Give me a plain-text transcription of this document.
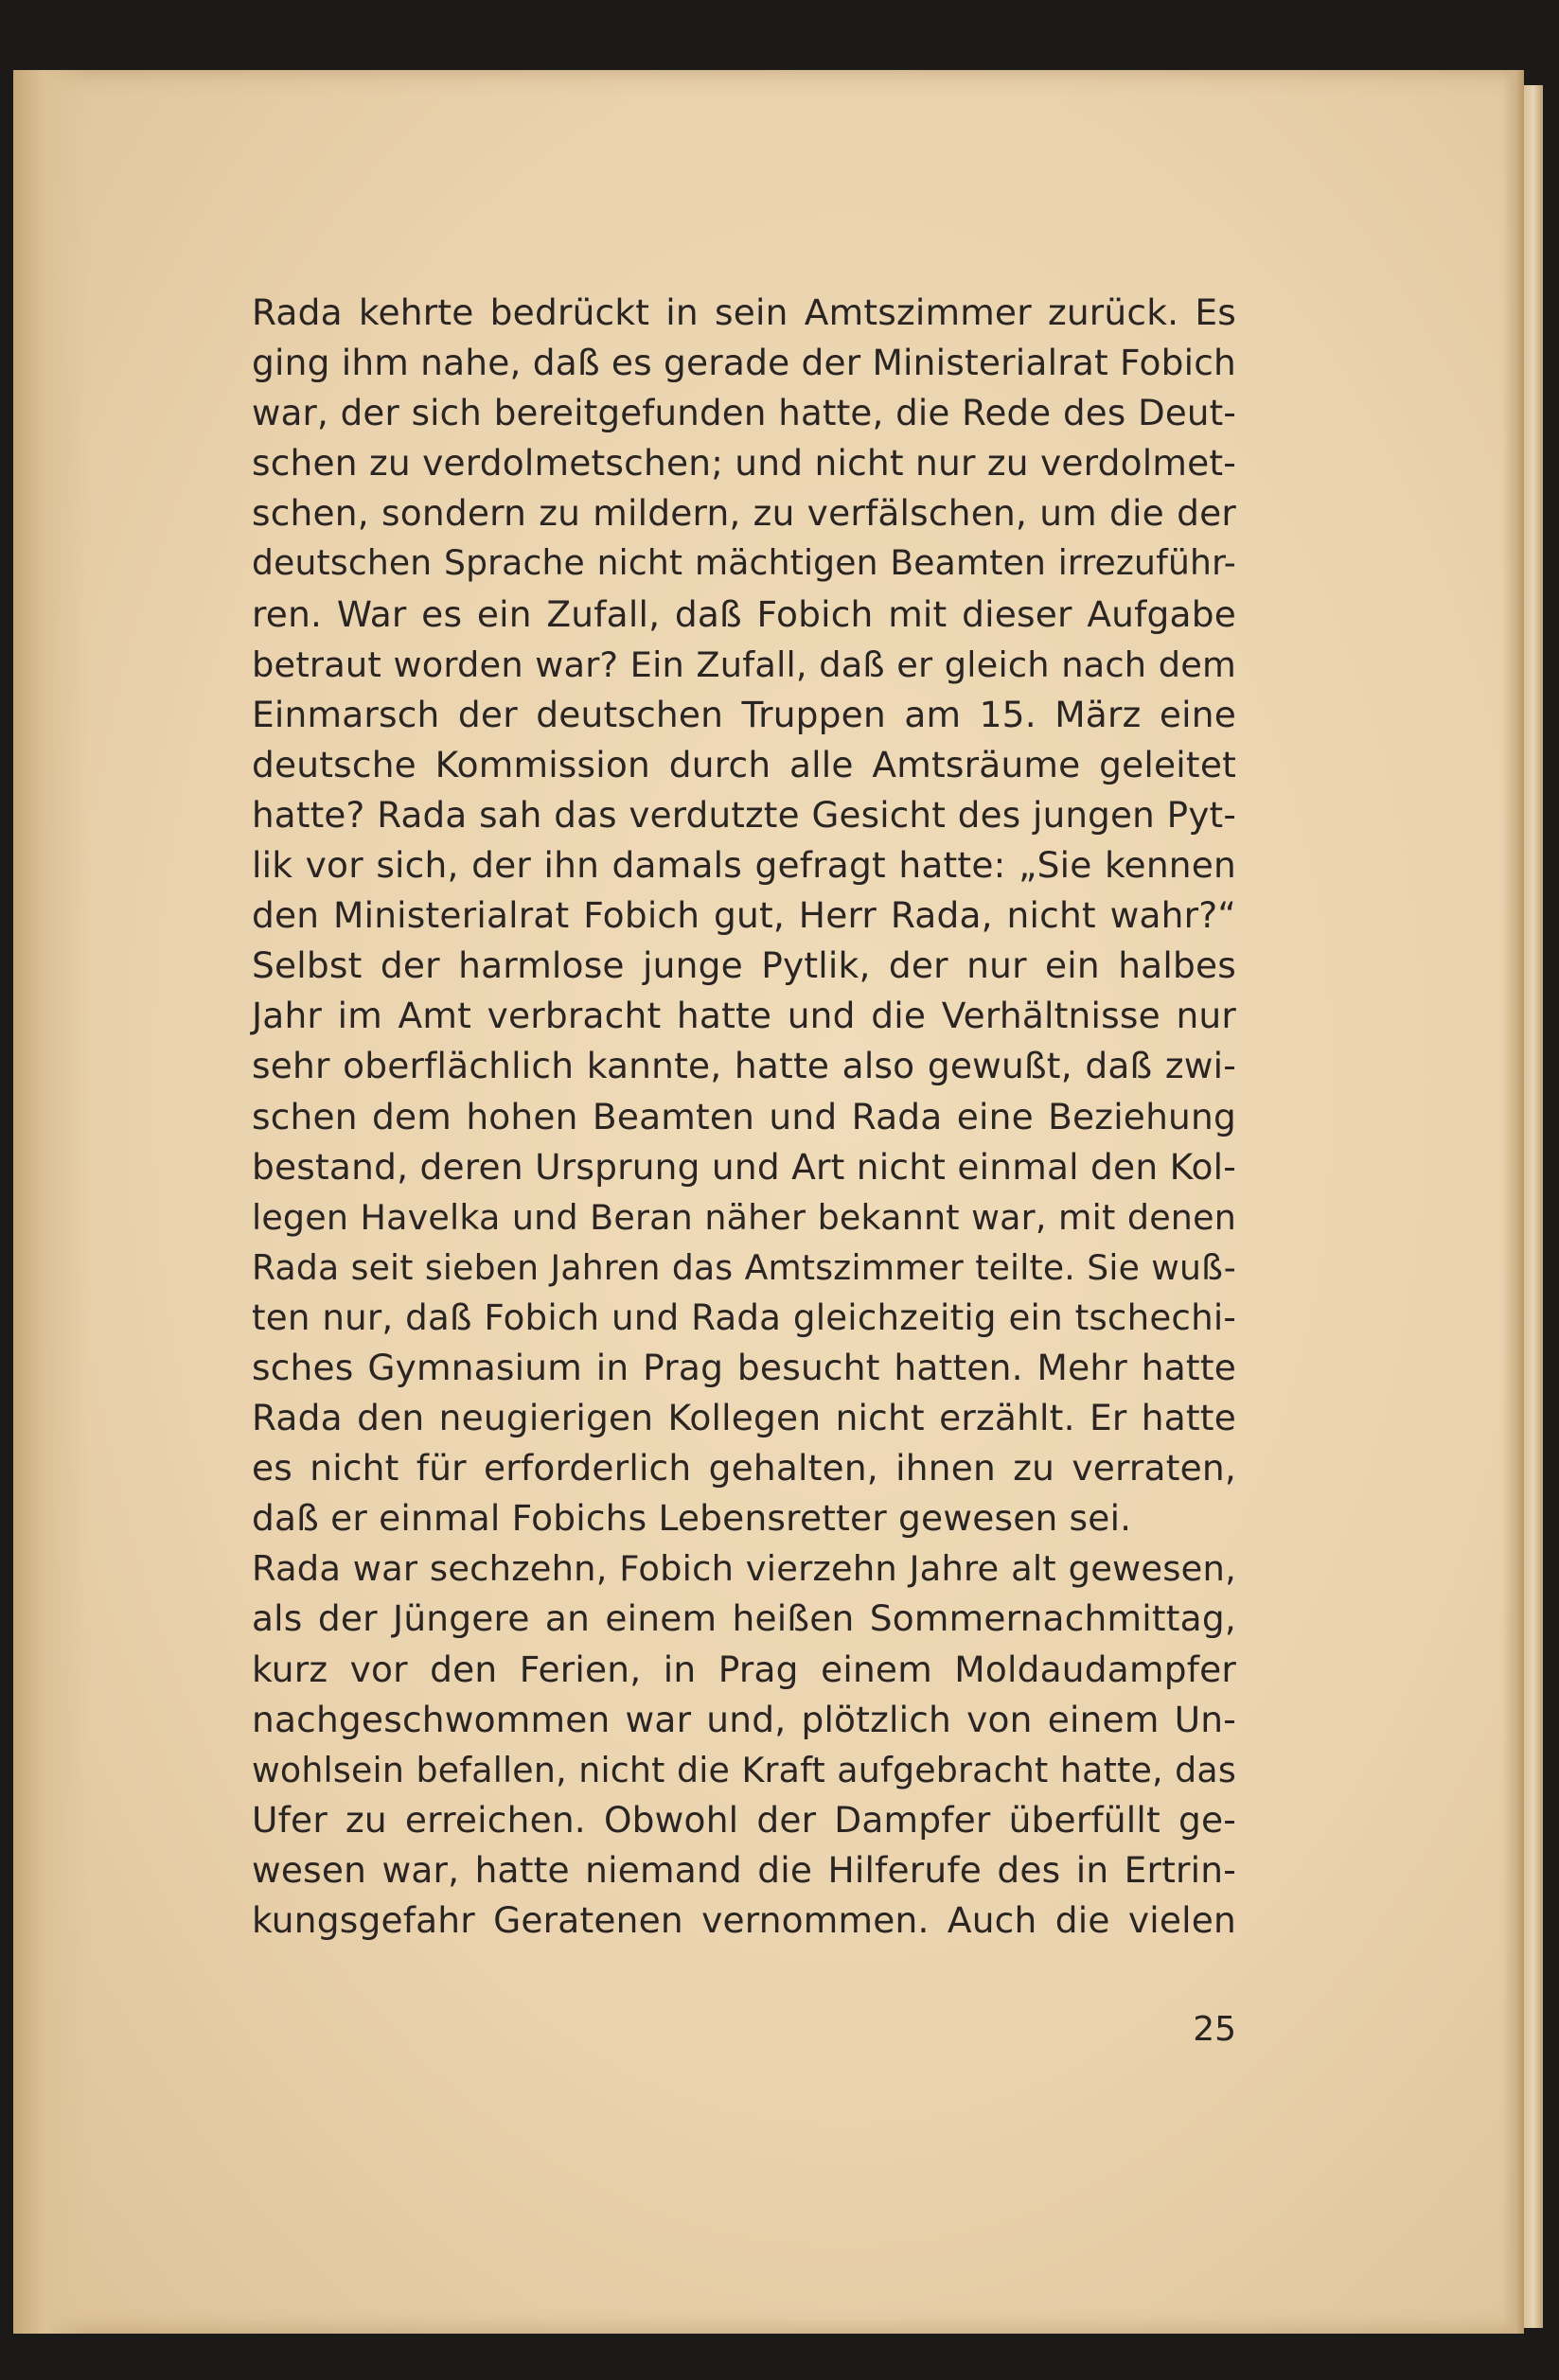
Rada kehrte bedrückt in sein Amtszimmer zurück. Es
ging ihm nahe, daß es gerade der Ministerialrat Fobich
war, der sich bereitgefunden hatte, die Rede des Deut-
schen zu verdolmetschen; und nicht nur zu verdolmet-
schen, sondern zu mildern, zu verfälschen, um die der
deutschen Sprache nicht mächtigen Beamten irrezuführ-
ren. War es ein Zufall, daß Fobich mit dieser Aufgabe
betraut worden war? Ein Zufall, daß er gleich nach dem
Einmarsch der deutschen Truppen am 15. März eine
deutsche Kommission durch alle Amtsräume geleitet
hatte? Rada sah das verdutzte Gesicht des jungen Pyt-
lik vor sich, der ihn damals gefragt hatte: „Sie kennen
den Ministerialrat Fobich gut, Herr Rada, nicht wahr?“
Selbst der harmlose junge Pytlik, der nur ein halbes
Jahr im Amt verbracht hatte und die Verhältnisse nur
sehr oberflächlich kannte, hatte also gewußt, daß zwi-
schen dem hohen Beamten und Rada eine Beziehung
bestand, deren Ursprung und Art nicht einmal den Kol-
legen Havelka und Beran näher bekannt war, mit denen
Rada seit sieben Jahren das Amtszimmer teilte. Sie wuß-
ten nur, daß Fobich und Rada gleichzeitig ein tschechi-
sches Gymnasium in Prag besucht hatten. Mehr hatte
Rada den neugierigen Kollegen nicht erzählt. Er hatte
es nicht für erforderlich gehalten, ihnen zu verraten,
daß er einmal Fobichs Lebensretter gewesen sei.
Rada war sechzehn, Fobich vierzehn Jahre alt gewesen,
als der Jüngere an einem heißen Sommernachmittag,
kurz vor den Ferien, in Prag einem Moldaudampfer
nachgeschwommen war und, plötzlich von einem Un-
wohlsein befallen, nicht die Kraft aufgebracht hatte, das
Ufer zu erreichen. Obwohl der Dampfer überfüllt ge-
wesen war, hatte niemand die Hilferufe des in Ertrin-
kungsgefahr Geratenen vernommen. Auch die vielen
25
